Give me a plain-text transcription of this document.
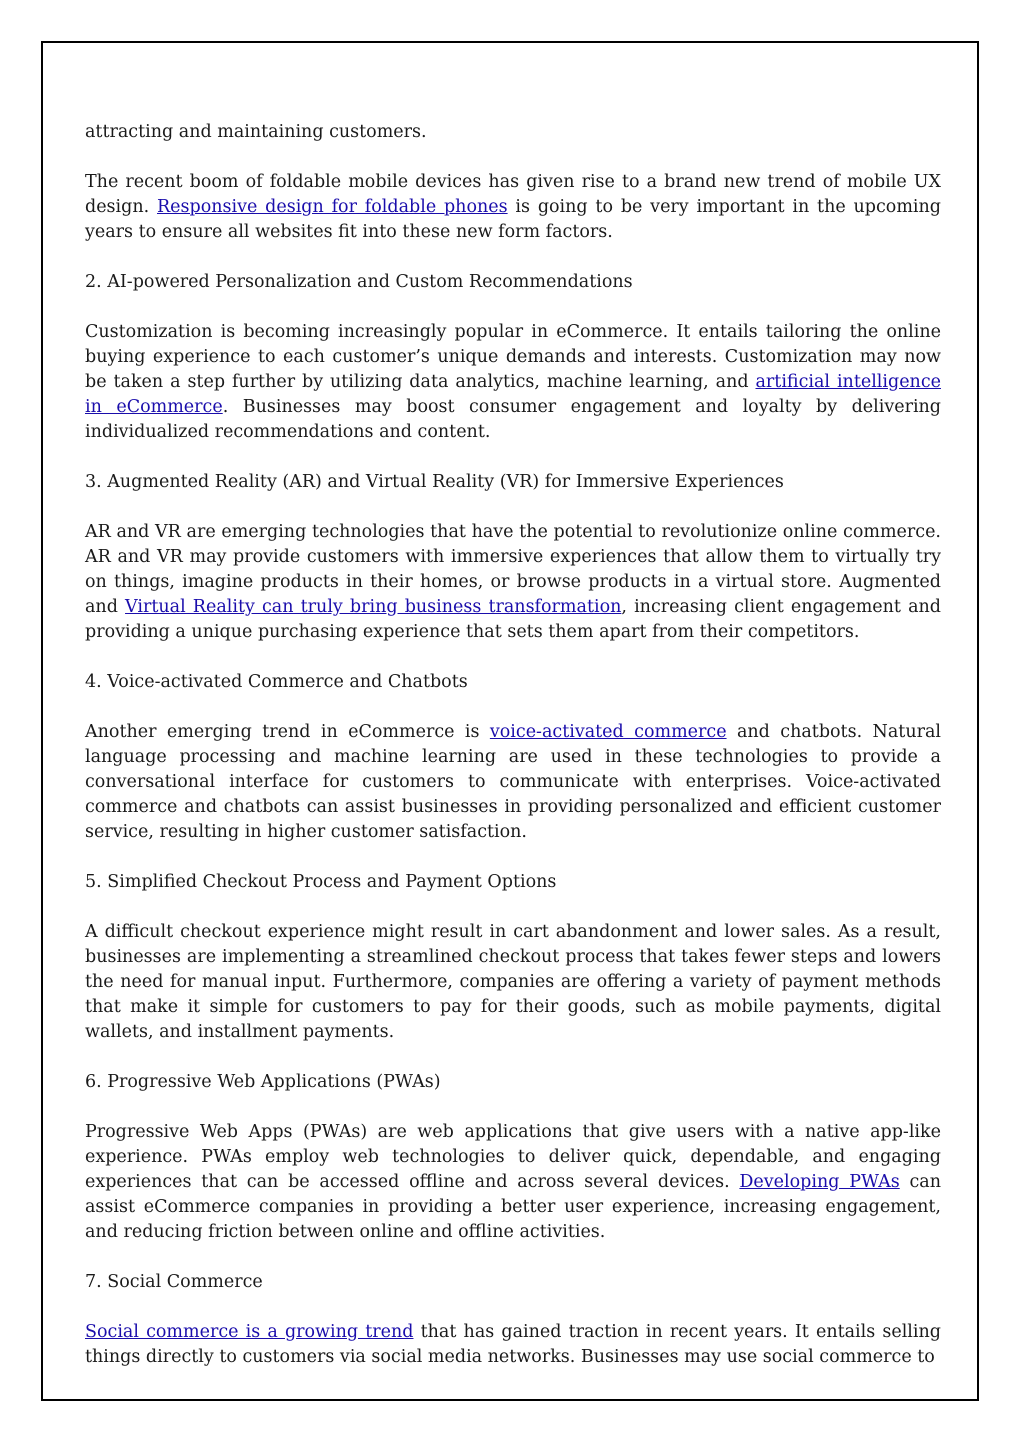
attracting and maintaining customers.

The recent boom of foldable mobile devices has given rise to a brand new trend of mobile UX design. Responsive design for foldable phones is going to be very important in the upcoming years to ensure all websites fit into these new form factors.

2. AI-powered Personalization and Custom Recommendations

Customization is becoming increasingly popular in eCommerce. It entails tailoring the online buying experience to each customer’s unique demands and interests. Customization may now be taken a step further by utilizing data analytics, machine learning, and artificial intelligence in eCommerce. Businesses may boost consumer engagement and loyalty by delivering individualized recommendations and content.

3. Augmented Reality (AR) and Virtual Reality (VR) for Immersive Experiences

AR and VR are emerging technologies that have the potential to revolutionize online commerce. AR and VR may provide customers with immersive experiences that allow them to virtually try on things, imagine products in their homes, or browse products in a virtual store. Augmented and Virtual Reality can truly bring business transformation, increasing client engagement and providing a unique purchasing experience that sets them apart from their competitors.

4. Voice-activated Commerce and Chatbots

Another emerging trend in eCommerce is voice-activated commerce and chatbots. Natural language processing and machine learning are used in these technologies to provide a conversational interface for customers to communicate with enterprises. Voice-activated commerce and chatbots can assist businesses in providing personalized and efficient customer service, resulting in higher customer satisfaction.

5. Simplified Checkout Process and Payment Options

A difficult checkout experience might result in cart abandonment and lower sales. As a result, businesses are implementing a streamlined checkout process that takes fewer steps and lowers the need for manual input. Furthermore, companies are offering a variety of payment methods that make it simple for customers to pay for their goods, such as mobile payments, digital wallets, and installment payments.

6. Progressive Web Applications (PWAs)

Progressive Web Apps (PWAs) are web applications that give users with a native app-like experience. PWAs employ web technologies to deliver quick, dependable, and engaging experiences that can be accessed offline and across several devices. Developing PWAs can assist eCommerce companies in providing a better user experience, increasing engagement, and reducing friction between online and offline activities.

7. Social Commerce

Social commerce is a growing trend that has gained traction in recent years. It entails selling things directly to customers via social media networks. Businesses may use social commerce to
